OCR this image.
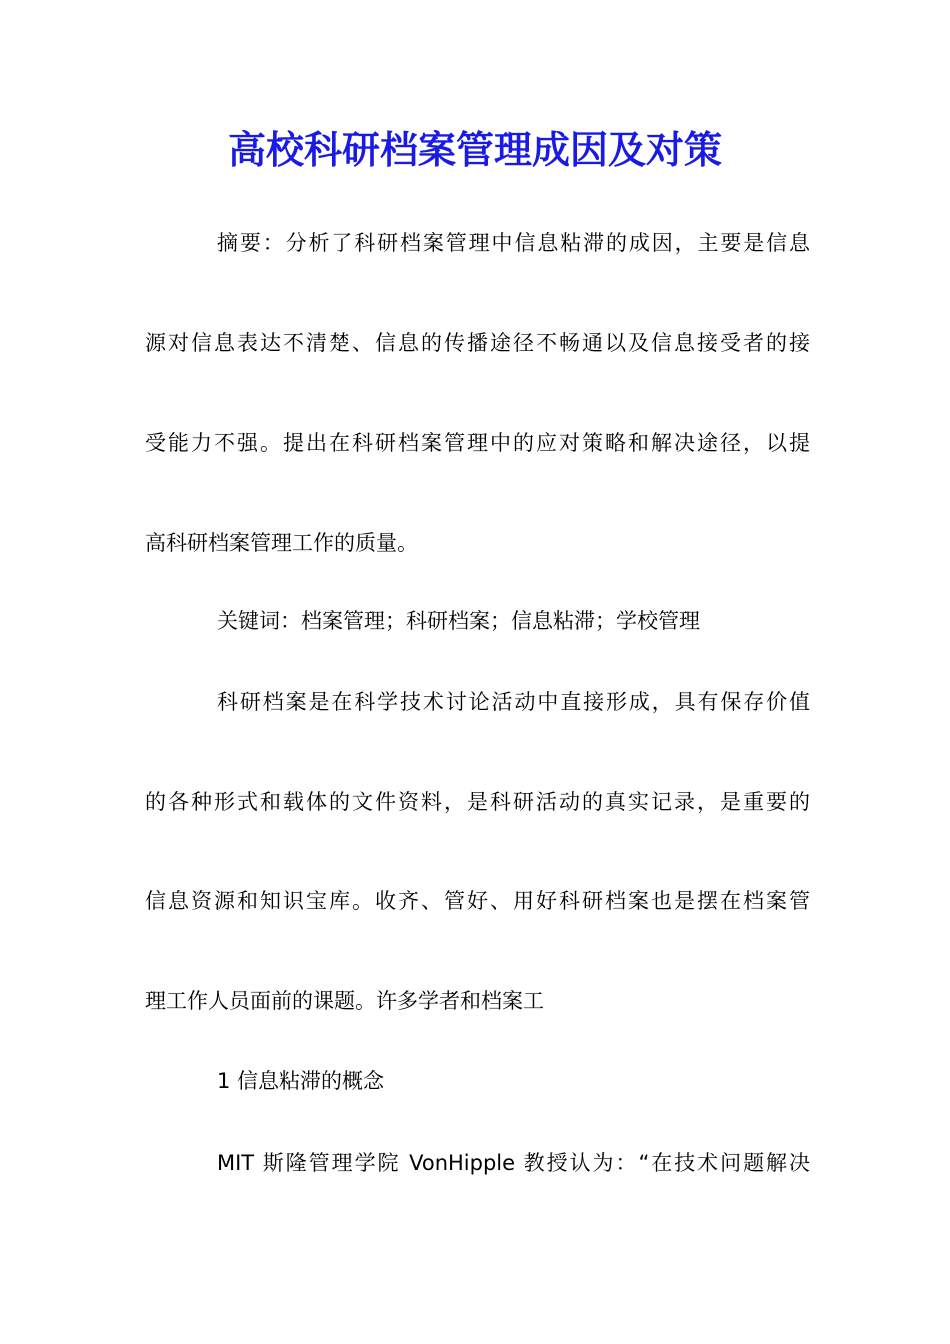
高校科研档案管理成因及对策
摘要：分析了科研档案管理中信息粘滞的成因，主要是信息
源对信息表达不清楚、信息的传播途径不畅通以及信息接受者的接
受能力不强。提出在科研档案管理中的应对策略和解决途径，以提
高科研档案管理工作的质量。
关键词：档案管理；科研档案；信息粘滞；学校管理
科研档案是在科学技术讨论活动中直接形成，具有保存价值
的各种形式和载体的文件资料，是科研活动的真实记录，是重要的
信息资源和知识宝库。收齐、管好、用好科研档案也是摆在档案管
理工作人员面前的课题。许多学者和档案工
1 信息粘滞的概念
MIT 斯隆管理学院 VonHipple 教授认为：“在技术问题解决
